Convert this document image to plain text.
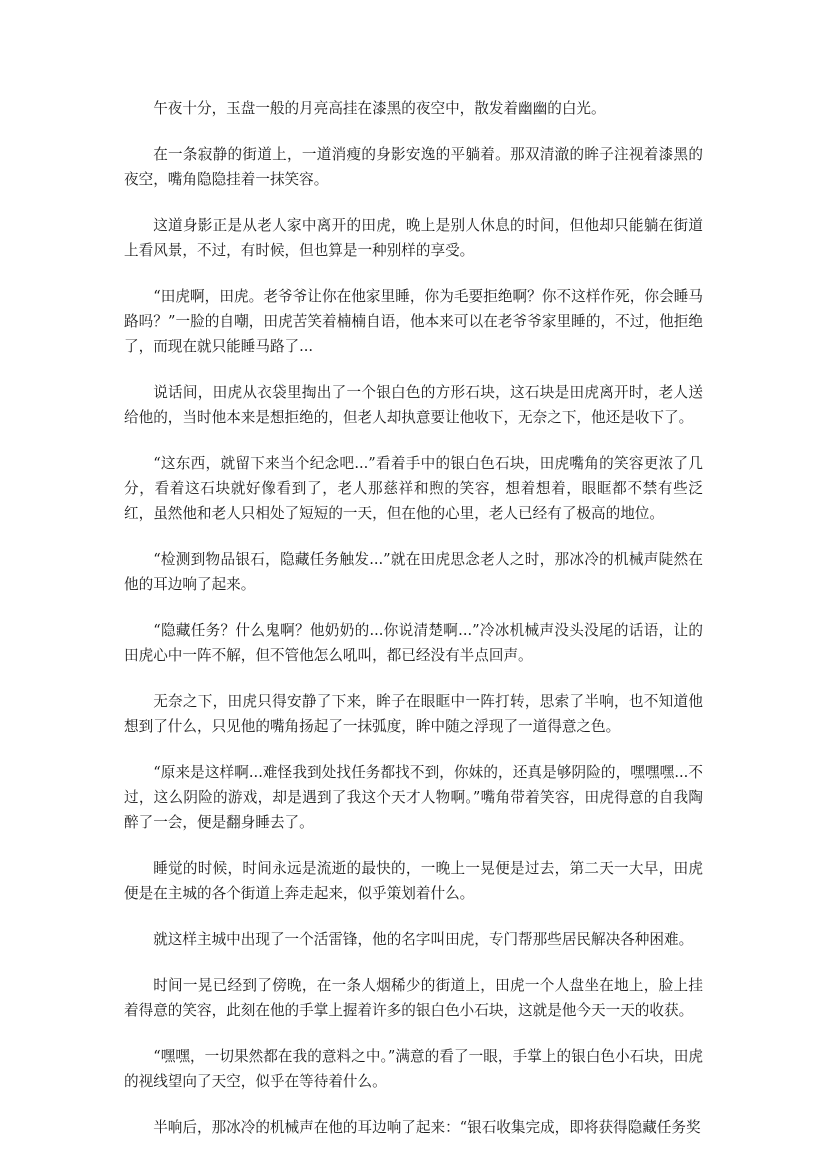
午夜十分，玉盘一般的月亮高挂在漆黑的夜空中，散发着幽幽的白光。

在一条寂静的街道上，一道消瘦的身影安逸的平躺着。那双清澈的眸子注视着漆黑的夜空，嘴角隐隐挂着一抹笑容。

这道身影正是从老人家中离开的田虎，晚上是别人休息的时间，但他却只能躺在街道上看风景，不过，有时候，但也算是一种别样的享受。

“田虎啊，田虎。老爷爷让你在他家里睡，你为毛要拒绝啊？你不这样作死，你会睡马路吗？”一脸的自嘲，田虎苦笑着楠楠自语，他本来可以在老爷爷家里睡的，不过，他拒绝了，而现在就只能睡马路了...

说话间，田虎从衣袋里掏出了一个银白色的方形石块，这石块是田虎离开时，老人送给他的，当时他本来是想拒绝的，但老人却执意要让他收下，无奈之下，他还是收下了。

“这东西，就留下来当个纪念吧...”看着手中的银白色石块，田虎嘴角的笑容更浓了几分，看着这石块就好像看到了，老人那慈祥和煦的笑容，想着想着，眼眶都不禁有些泛红，虽然他和老人只相处了短短的一天，但在他的心里，老人已经有了极高的地位。

“检测到物品银石，隐藏任务触发...”就在田虎思念老人之时，那冰冷的机械声陡然在他的耳边响了起来。

“隐藏任务？什么鬼啊？他奶奶的...你说清楚啊...”冷冰机械声没头没尾的话语，让的田虎心中一阵不解，但不管他怎么吼叫，都已经没有半点回声。

无奈之下，田虎只得安静了下来，眸子在眼眶中一阵打转，思索了半响，也不知道他想到了什么，只见他的嘴角扬起了一抹弧度，眸中随之浮现了一道得意之色。

“原来是这样啊...难怪我到处找任务都找不到，你妹的，还真是够阴险的，嘿嘿嘿...不过，这么阴险的游戏，却是遇到了我这个天才人物啊。”嘴角带着笑容，田虎得意的自我陶醉了一会，便是翻身睡去了。

睡觉的时候，时间永远是流逝的最快的，一晚上一晃便是过去，第二天一大早，田虎便是在主城的各个街道上奔走起来，似乎策划着什么。

就这样主城中出现了一个活雷锋，他的名字叫田虎，专门帮那些居民解决各种困难。

时间一晃已经到了傍晚，在一条人烟稀少的街道上，田虎一个人盘坐在地上，脸上挂着得意的笑容，此刻在他的手掌上握着许多的银白色小石块，这就是他今天一天的收获。

“嘿嘿，一切果然都在我的意料之中。”满意的看了一眼，手掌上的银白色小石块，田虎的视线望向了天空，似乎在等待着什么。

半响后，那冰冷的机械声在他的耳边响了起来：“银石收集完成，即将获得隐藏任务奖
